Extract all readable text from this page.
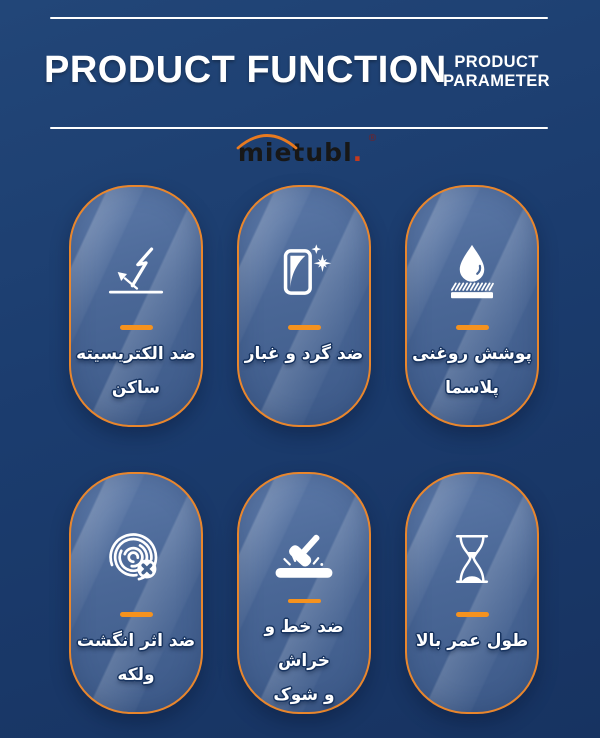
PRODUCT FUNCTION PRODUCT
PARAMETER
mietubl. ®
ضد الکتریسیته
ساکن
ضد گرد و غبار	پوشش روغنی
پلاسما
ضد اثر انگشت
ولکه
ضد خط و خراش
و شوک
طول عمر بالا
